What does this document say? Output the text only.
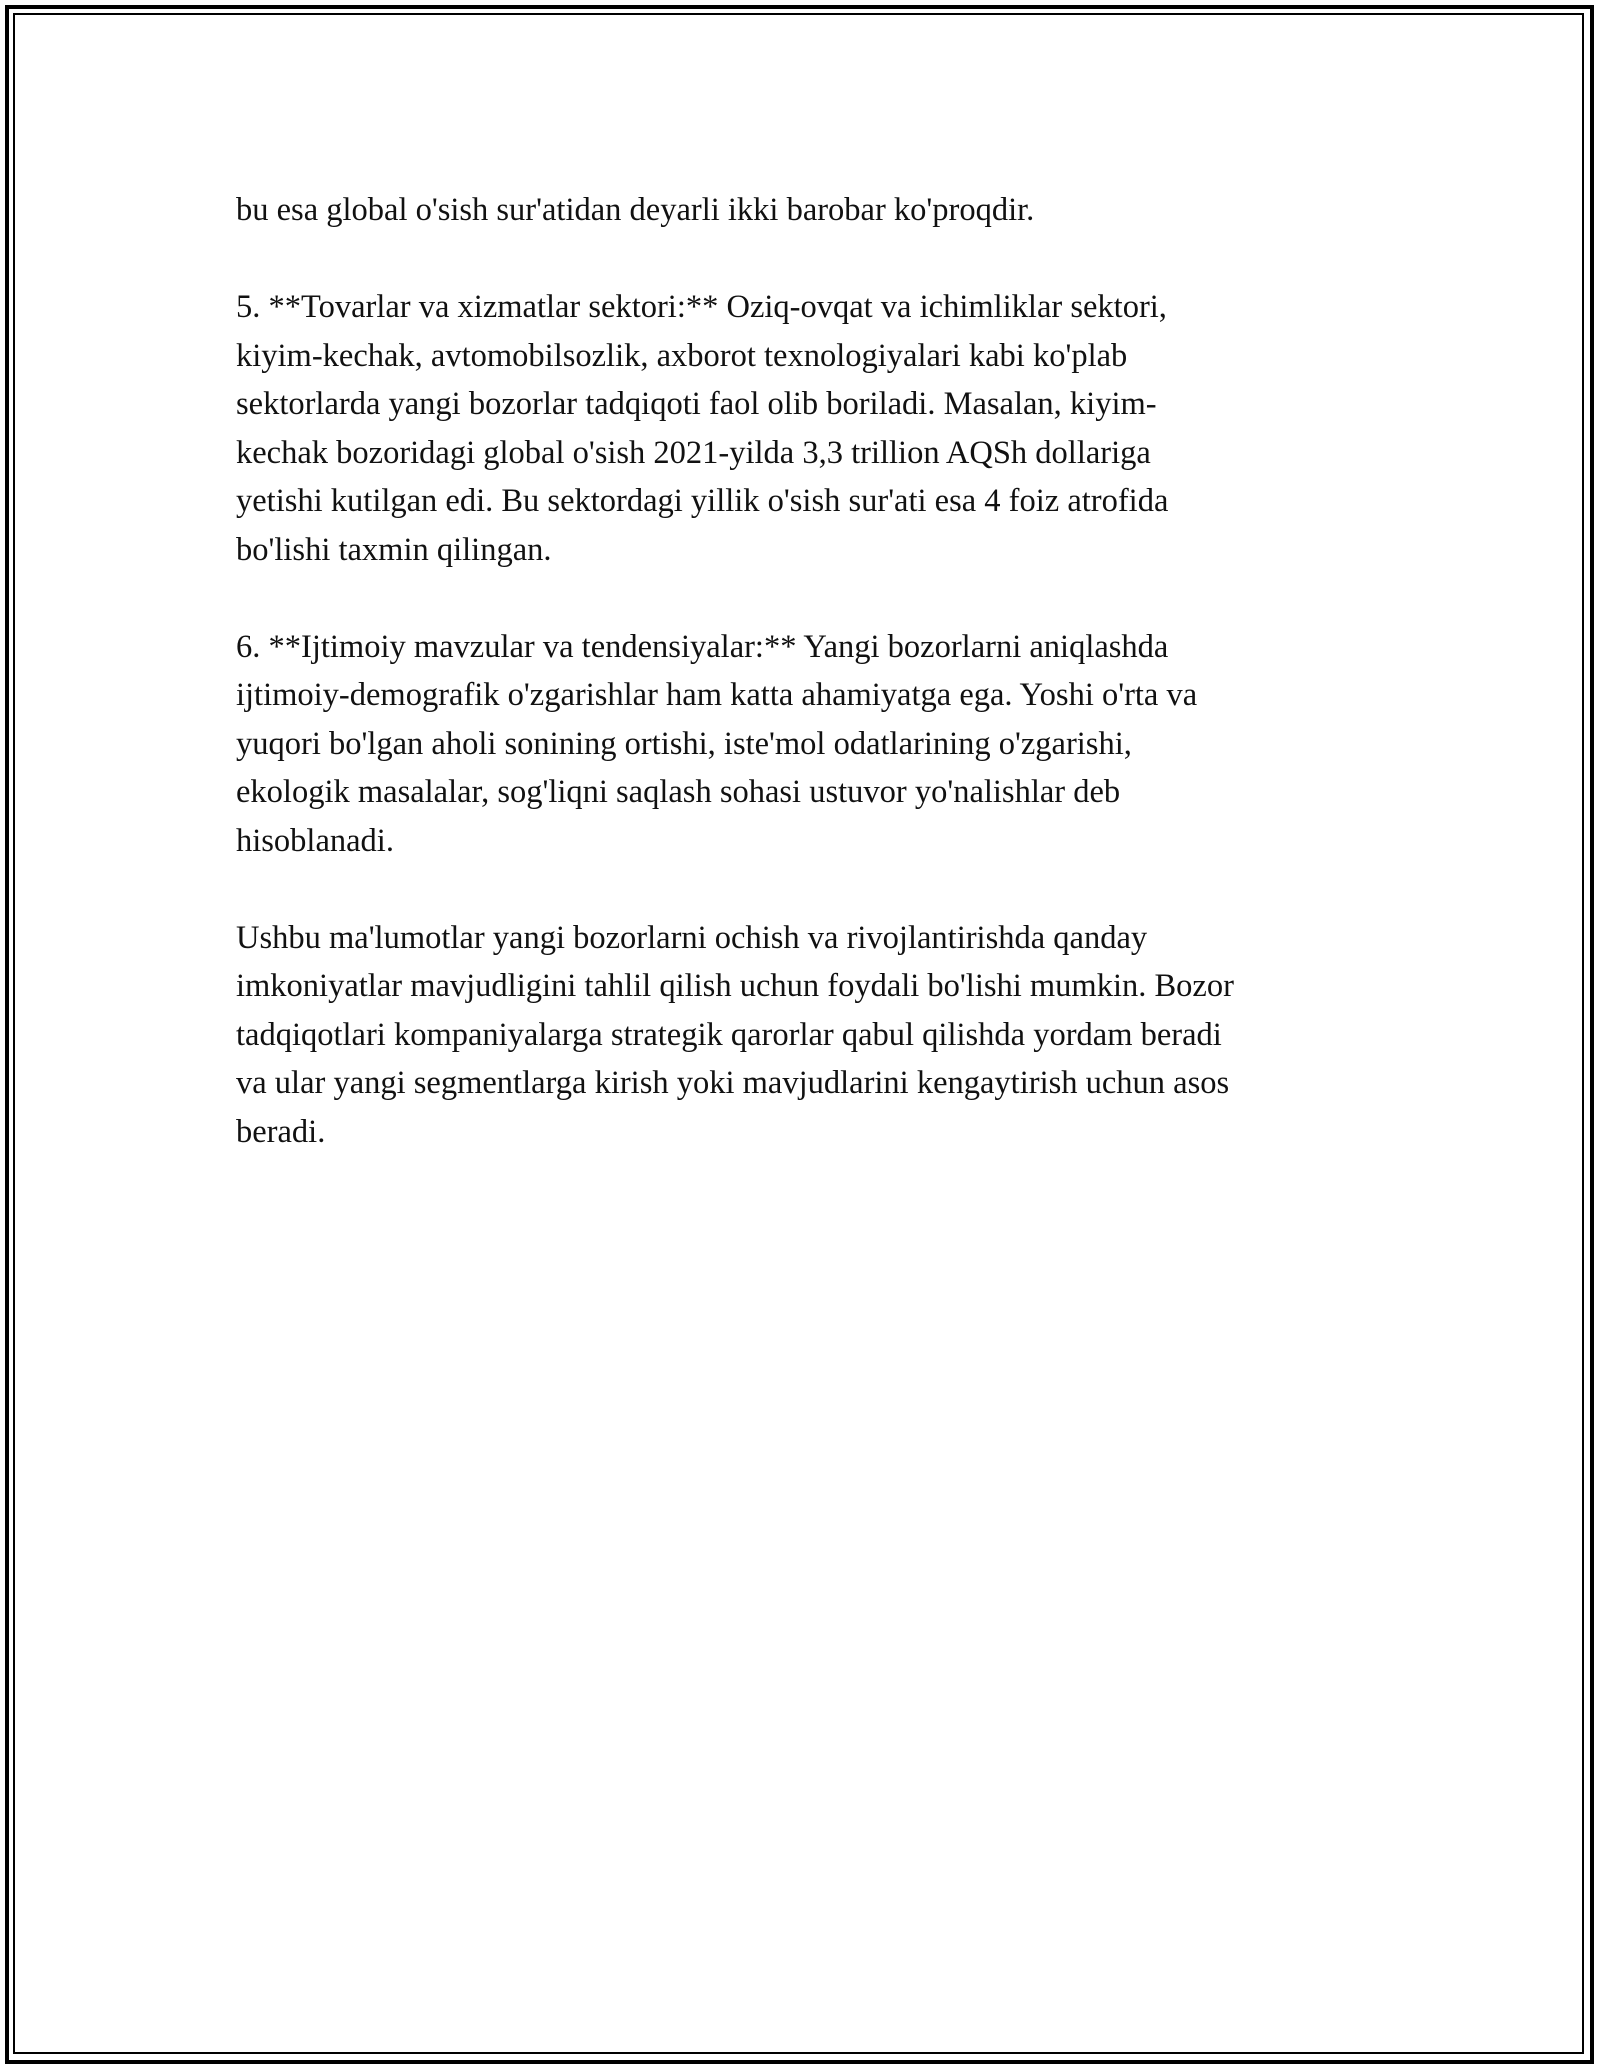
bu esa global o'sish sur'atidan deyarli ikki barobar ko'proqdir.

5. **Tovarlar va xizmatlar sektori:** Oziq-ovqat va ichimliklar sektori,
kiyim-kechak, avtomobilsozlik, axborot texnologiyalari kabi ko'plab
sektorlarda yangi bozorlar tadqiqoti faol olib boriladi. Masalan, kiyim-
kechak bozoridagi global o'sish 2021-yilda 3,3 trillion AQSh dollariga
yetishi kutilgan edi. Bu sektordagi yillik o'sish sur'ati esa 4 foiz atrofida
bo'lishi taxmin qilingan.

6. **Ijtimoiy mavzular va tendensiyalar:** Yangi bozorlarni aniqlashda
ijtimoiy-demografik o'zgarishlar ham katta ahamiyatga ega. Yoshi o'rta va
yuqori bo'lgan aholi sonining ortishi, iste'mol odatlarining o'zgarishi,
ekologik masalalar, sog'liqni saqlash sohasi ustuvor yo'nalishlar deb
hisoblanadi.

Ushbu ma'lumotlar yangi bozorlarni ochish va rivojlantirishda qanday
imkoniyatlar mavjudligini tahlil qilish uchun foydali bo'lishi mumkin. Bozor
tadqiqotlari kompaniyalarga strategik qarorlar qabul qilishda yordam beradi
va ular yangi segmentlarga kirish yoki mavjudlarini kengaytirish uchun asos
beradi.
